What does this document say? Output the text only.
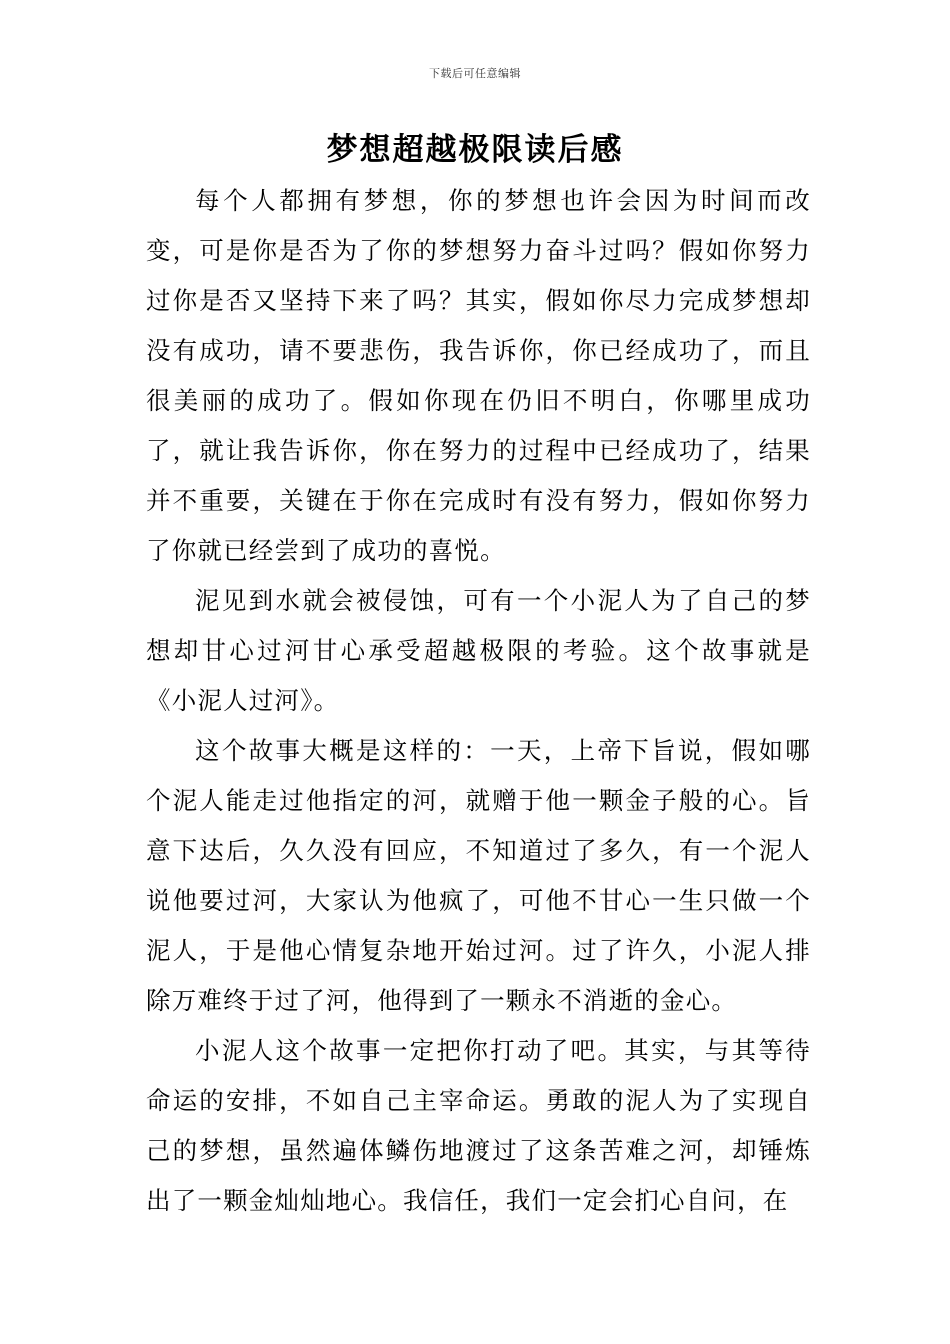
下载后可任意编辑
梦想超越极限读后感

每个人都拥有梦想，你的梦想也许会因为时间而改变，可是你是否为了你的梦想努力奋斗过吗？假如你努力过你是否又坚持下来了吗？其实，假如你尽力完成梦想却没有成功，请不要悲伤，我告诉你，你已经成功了，而且很美丽的成功了。假如你现在仍旧不明白，你哪里成功了，就让我告诉你，你在努力的过程中已经成功了，结果并不重要，关键在于你在完成时有没有努力，假如你努力了你就已经尝到了成功的喜悦。

泥见到水就会被侵蚀，可有一个小泥人为了自己的梦想却甘心过河甘心承受超越极限的考验。这个故事就是《小泥人过河》。

这个故事大概是这样的：一天，上帝下旨说，假如哪个泥人能走过他指定的河，就赠于他一颗金子般的心。旨意下达后，久久没有回应，不知道过了多久，有一个泥人说他要过河，大家认为他疯了，可他不甘心一生只做一个泥人，于是他心情复杂地开始过河。过了许久，小泥人排除万难终于过了河，他得到了一颗永不消逝的金心。

小泥人这个故事一定把你打动了吧。其实，与其等待命运的安排，不如自己主宰命运。勇敢的泥人为了实现自己的梦想，虽然遍体鳞伤地渡过了这条苦难之河，却锤炼出了一颗金灿灿地心。我信任，我们一定会扪心自问，在
